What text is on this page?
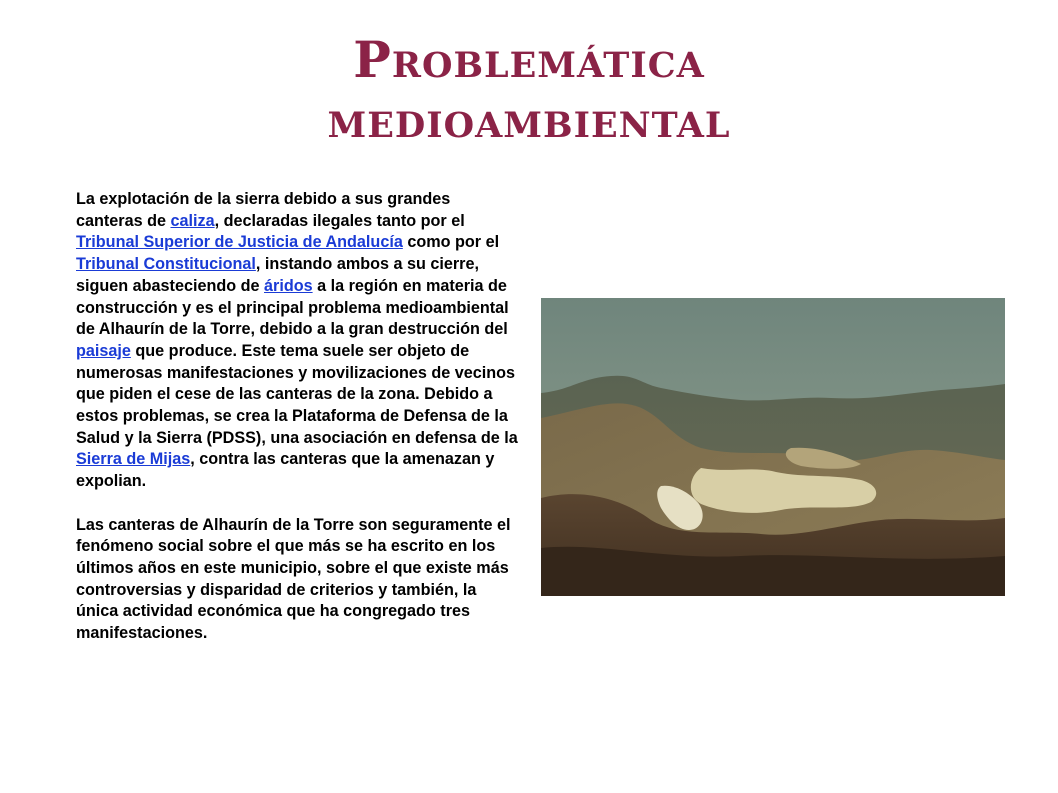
Problemática
medioambiental

La explotación de la sierra debido a sus grandes canteras de caliza, declaradas ilegales tanto por el Tribunal Superior de Justicia de Andalucía como por el Tribunal Constitucional, instando ambos a su cierre, siguen abasteciendo de áridos a la región en materia de construcción y es el principal problema medioambiental de Alhaurín de la Torre, debido a la gran destrucción del paisaje que produce. Este tema suele ser objeto de numerosas manifestaciones y movilizaciones de vecinos que piden el cese de las canteras de la zona. Debido a estos problemas, se crea la Plataforma de Defensa de la Salud y la Sierra (PDSS), una asociación en defensa de la Sierra de Mijas, contra las canteras que la amenazan y expolian.

Las canteras de Alhaurín de la Torre son seguramente el fenómeno social sobre el que más se ha escrito en los últimos años en este municipio, sobre el que existe más controversias y disparidad de criterios y también, la única actividad económica que ha congregado tres manifestaciones.
